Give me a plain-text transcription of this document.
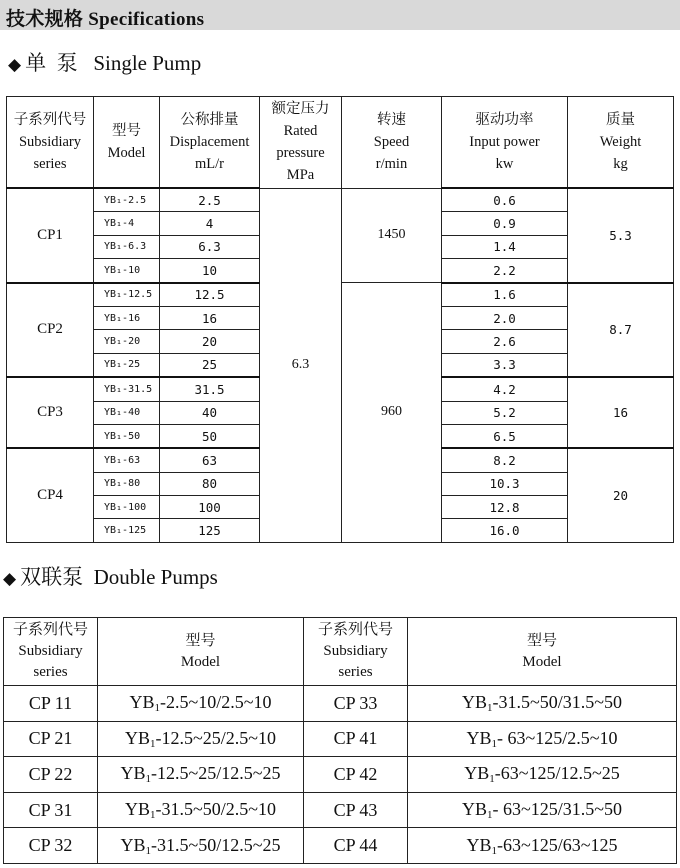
技术规格 Specifications
◆ 单  泵   Single Pump
子系列代号
Subsidiary
series	型号
Model	公称排量
Displacement
mL/r	额定压力
Rated
pressure
MPa	转速
Speed
r/min	驱动功率
Input power
kw	质量
Weight
kg
CP1	YB₁-2.5	2.5	6.3	1450	0.6	5.3
	YB₁-4	4			0.9	
	YB₁-6.3	6.3			1.4	
	YB₁-10	10			2.2	
CP2	YB₁-12.5	12.5		960	1.6	8.7
	YB₁-16	16			2.0	
	YB₁-20	20			2.6	
	YB₁-25	25			3.3	
CP3	YB₁-31.5	31.5			4.2	16
	YB₁-40	40			5.2	
	YB₁-50	50			6.5	
CP4	YB₁-63	63			8.2	20
	YB₁-80	80			10.3	
	YB₁-100	100			12.8	
	YB₁-125	125			16.0	
◆ 双联泵  Double Pumps
子系列代号
Subsidiary
series	型号
Model	子系列代号
Subsidiary
series	型号
Model
CP 11	$YB_1-2.5\sim 10/2.5\sim 10$	CP 33	$YB_1-31.5\sim 50/31.5\sim 50$
CP 21	$YB_1-12.5\sim 25/2.5\sim 10$	CP 41	$YB_1-$ 63~125/2.5~10
CP 22	$YB_1-12.5\sim 25/12.5\sim 25$	CP 42	$YB_1-63\sim 125/12.5\sim 25$
CP 31	$YB_1-31.5\sim 50/2.5\sim 10$	CP 43	$YB_1-$ 63~125/31.5~50
CP 32	$YB_1-31.5\sim 50/12.5\sim 25$	CP 44	$YB_1-63\sim 125/63\sim 125$
